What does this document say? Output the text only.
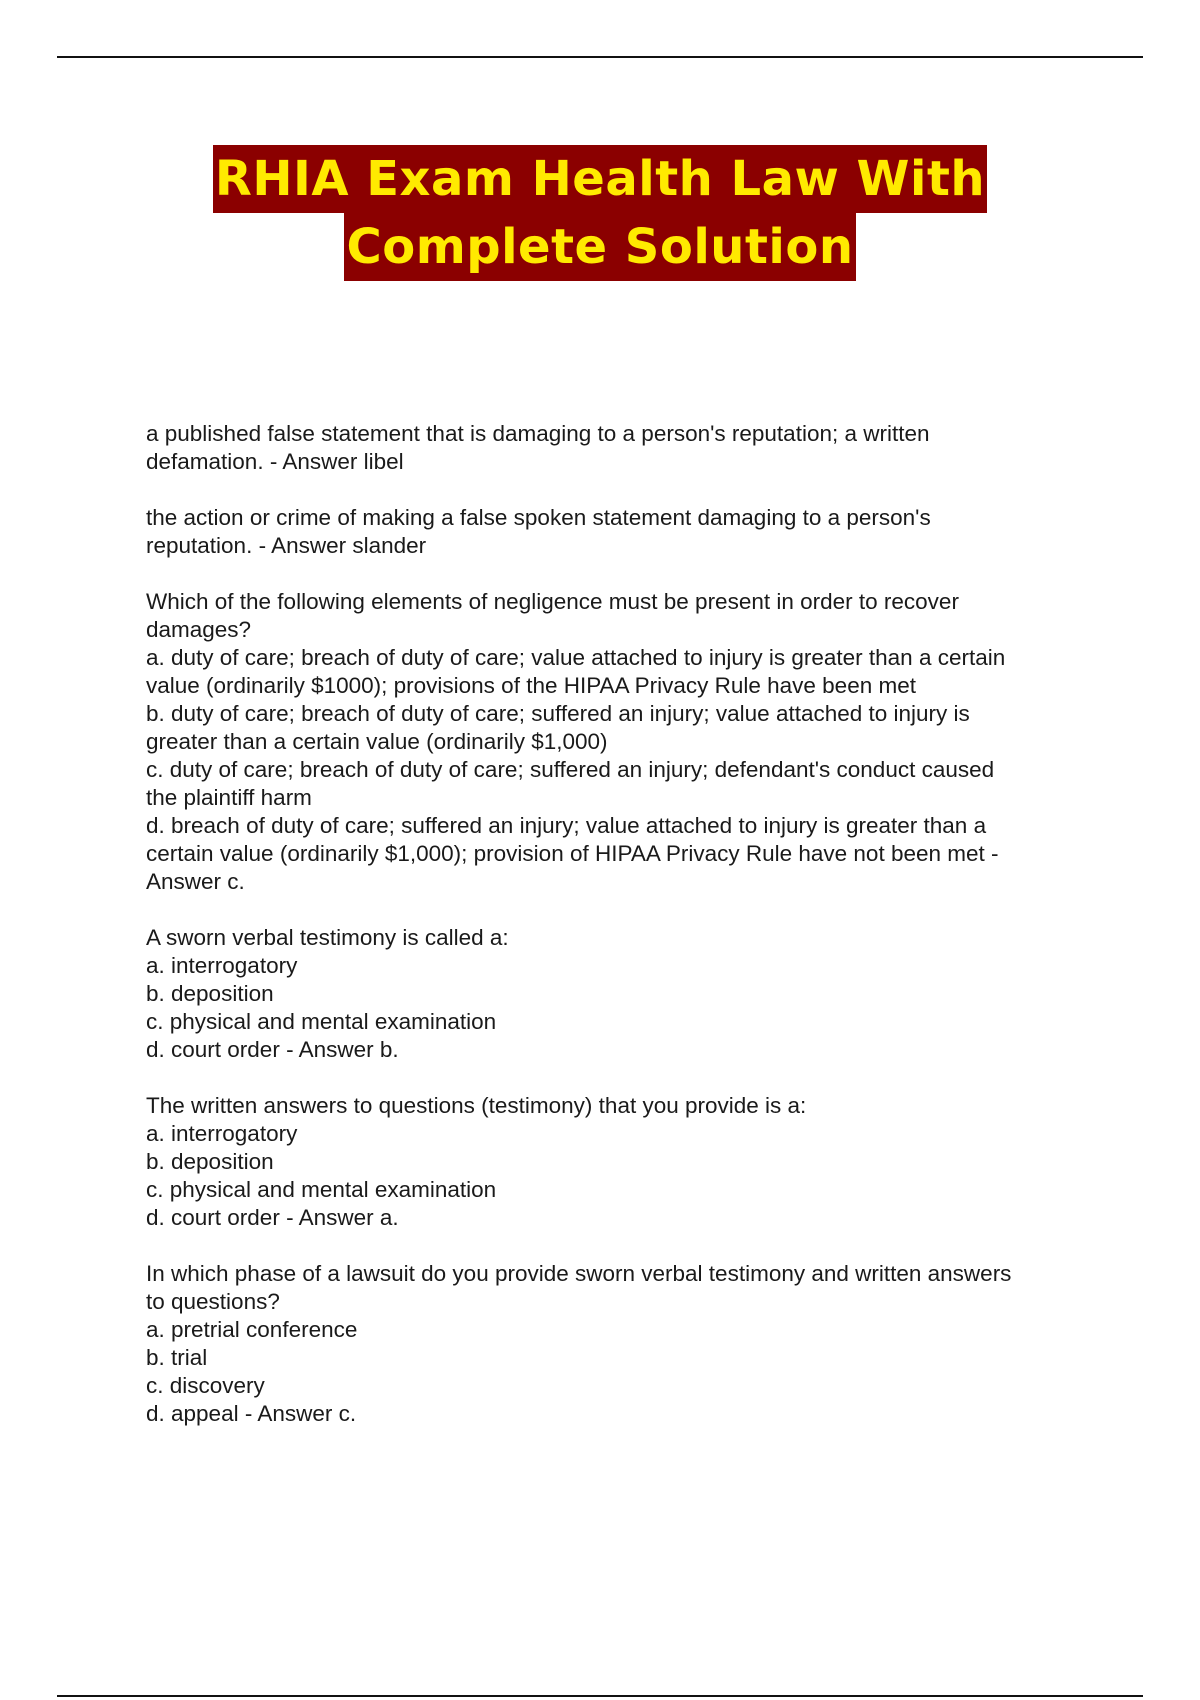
RHIA Exam Health Law With
Complete Solution

a published false statement that is damaging to a person's reputation; a written

defamation. - Answer libel

the action or crime of making a false spoken statement damaging to a person's

reputation. - Answer slander

Which of the following elements of negligence must be present in order to recover

damages?

a. duty of care; breach of duty of care; value attached to injury is greater than a certain

value (ordinarily $1000); provisions of the HIPAA Privacy Rule have been met

b. duty of care; breach of duty of care; suffered an injury; value attached to injury is

greater than a certain value (ordinarily $1,000)

c. duty of care; breach of duty of care; suffered an injury; defendant's conduct caused

the plaintiff harm

d. breach of duty of care; suffered an injury; value attached to injury is greater than a

certain value (ordinarily $1,000); provision of HIPAA Privacy Rule have not been met -

Answer c.

A sworn verbal testimony is called a:

a. interrogatory

b. deposition

c. physical and mental examination

d. court order - Answer b.

The written answers to questions (testimony) that you provide is a:

a. interrogatory

b. deposition

c. physical and mental examination

d. court order - Answer a.

In which phase of a lawsuit do you provide sworn verbal testimony and written answers

to questions?

a. pretrial conference

b. trial

c. discovery

d. appeal - Answer c.
